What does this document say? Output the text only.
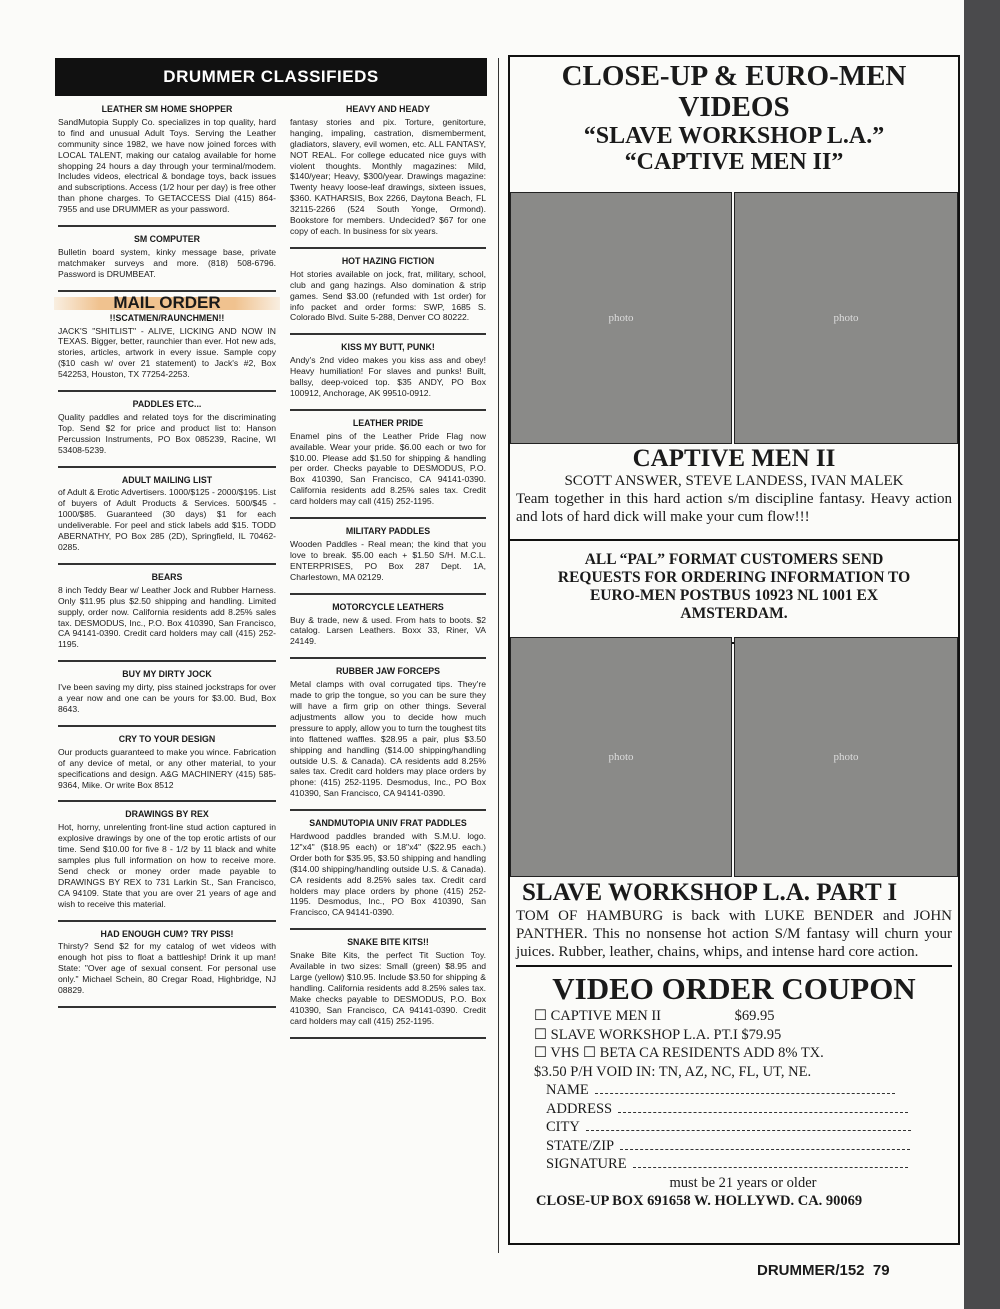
DRUMMER CLASSIFIEDS
LEATHER SM HOME SHOPPER

SandMutopia Supply Co. specializes in top quality, hard to find and unusual Adult Toys. Serving the Leather community since 1982, we have now joined forces with LOCAL TALENT, making our catalog available for home shopping 24 hours a day through your terminal/modem. Includes videos, electrical & bondage toys, back issues and subscriptions. Access (1/2 hour per day) is free other than phone charges. To GETACCESS Dial (415) 864-7955 and use DRUMMER as your password.

SM COMPUTER

Bulletin board system, kinky message base, private matchmaker surveys and more. (818) 508-6796. Password is DRUMBEAT.

MAIL ORDER
!!SCATMEN/RAUNCHMEN!!

JACK'S "SHITLIST" - ALIVE, LICKING AND NOW IN TEXAS. Bigger, better, raunchier than ever. Hot new ads, stories, articles, artwork in every issue. Sample copy ($10 cash w/ over 21 statement) to Jack's #2, Box 542253, Houston, TX 77254-2253.

PADDLES ETC...

Quality paddles and related toys for the discriminating Top. Send $2 for price and product list to: Hanson Percussion Instruments, PO Box 085239, Racine, WI 53408-5239.

ADULT MAILING LIST

of Adult & Erotic Advertisers. 1000/$125 - 2000/$195. List of buyers of Adult Products & Services. 500/$45 - 1000/$85. Guaranteed (30 days) $1 for each undeliverable. For peel and stick labels add $15. TODD ABERNATHY, PO Box 285 (2D), Springfield, IL 70462-0285.

BEARS

8 inch Teddy Bear w/ Leather Jock and Rubber Harness. Only $11.95 plus $2.50 shipping and handling. Limited supply, order now. California residents add 8.25% sales tax. DESMODUS, Inc., P.O. Box 410390, San Francisco, CA 94141-0390. Credit card holders may call (415) 252-1195.

BUY MY DIRTY JOCK

I've been saving my dirty, piss stained jockstraps for over a year now and one can be yours for $3.00. Bud, Box 8643.

CRY TO YOUR DESIGN

Our products guaranteed to make you wince. Fabrication of any device of metal, or any other material, to your specifications and design. A&G MACHINERY (415) 585-9364, Mike. Or write Box 8512

DRAWINGS BY REX

Hot, horny, unrelenting front-line stud action captured in explosive drawings by one of the top erotic artists of our time. Send $10.00 for five 8 - 1/2 by 11 black and white samples plus full information on how to receive more. Send check or money order made payable to DRAWINGS BY REX to 731 Larkin St., San Francisco, CA 94109. State that you are over 21 years of age and wish to receive this material.

HAD ENOUGH CUM? TRY PISS!

Thirsty? Send $2 for my catalog of wet videos with enough hot piss to float a battleship! Drink it up man! State: "Over age of sexual consent. For personal use only." Michael Schein, 80 Cregar Road, Highbridge, NJ 08829.

HEAVY AND HEADY

fantasy stories and pix. Torture, genitorture, hanging, impaling, castration, dismemberment, gladiators, slavery, evil women, etc. ALL FANTASY, NOT REAL. For college educated nice guys with violent thoughts. Monthly magazines: Mild, $140/year; Heavy, $300/year. Drawings magazine: Twenty heavy loose-leaf drawings, sixteen issues, $360. KATHARSIS, Box 2266, Daytona Beach, FL 32115-2266 (524 South Yonge, Ormond). Bookstore for members. Undecided? $67 for one copy of each. In business for six years.

HOT HAZING FICTION

Hot stories available on jock, frat, military, school, club and gang hazings. Also domination & strip games. Send $3.00 (refunded with 1st order) for info packet and order forms: SWP, 1685 S. Colorado Blvd. Suite 5-288, Denver CO 80222.

KISS MY BUTT, PUNK!

Andy's 2nd video makes you kiss ass and obey! Heavy humiliation! For slaves and punks! Built, ballsy, deep-voiced top. $35 ANDY, PO Box 100912, Anchorage, AK 99510-0912.

LEATHER PRIDE

Enamel pins of the Leather Pride Flag now available. Wear your pride. $6.00 each or two for $10.00. Please add $1.50 for shipping & handling per order. Checks payable to DESMODUS, P.O. Box 410390, San Francisco, CA 94141-0390. California residents add 8.25% sales tax. Credit card holders may call (415) 252-1195.

MILITARY PADDLES

Wooden Paddles - Real mean; the kind that you love to break. $5.00 each + $1.50 S/H. M.C.L. ENTERPRISES, PO Box 287 Dept. 1A, Charlestown, MA 02129.

MOTORCYCLE LEATHERS

Buy & trade, new & used. From hats to boots. $2 catalog. Larsen Leathers. Boxx 33, Riner, VA 24149.

RUBBER JAW FORCEPS

Metal clamps with oval corrugated tips. They're made to grip the tongue, so you can be sure they will have a firm grip on other things. Several adjustments allow you to decide how much pressure to apply, allow you to turn the toughest tits into flattened waffles. $28.95 a pair, plus $3.50 shipping and handling ($14.00 shipping/handling outside U.S. & Canada). CA residents add 8.25% sales tax. Credit card holders may place orders by phone: (415) 252-1195. Desmodus, Inc., PO Box 410390, San Francisco, CA 94141-0390.

SANDMUTOPIA UNIV FRAT PADDLES

Hardwood paddles branded with S.M.U. logo. 12"x4" ($18.95 each) or 18"x4" ($22.95 each.) Order both for $35.95, $3.50 shipping and handling ($14.00 shipping/handling outside U.S. & Canada). CA residents add 8.25% sales tax. Credit card holders may place orders by phone (415) 252-1195. Desmodus, Inc., PO Box 410390, San Francisco, CA 94141-0390.

SNAKE BITE KITS!!

Snake Bite Kits, the perfect Tit Suction Toy. Available in two sizes: Small (green) $8.95 and Large (yellow) $10.95. Include $3.50 for shipping & handling. California residents add 8.25% sales tax. Make checks payable to DESMODUS, P.O. Box 410390, San Francisco, CA 94141-0390. Credit card holders may call (415) 252-1195.

CLOSE-UP & EURO-MEN
VIDEOS
“SLAVE WORKSHOP L.A.”
“CAPTIVE MEN II”
photo	photo
CAPTIVE MEN II
SCOTT ANSWER, STEVE LANDESS, IVAN MALEK
Team together in this hard action s/m discipline fantasy. Heavy action and lots of hard dick will make your cum flow!!!
ALL “PAL” FORMAT CUSTOMERS SEND REQUESTS FOR ORDERING INFORMATION TO EURO-MEN POSTBUS 10923 NL 1001 EX AMSTERDAM.
photo	photo
SLAVE WORKSHOP L.A. PART I
TOM OF HAMBURG is back with LUKE BENDER and JOHN PANTHER. This no nonsense hot action S/M fantasy will churn your juices. Rubber, leather, chains, whips, and intense hard core action.
VIDEO ORDER COUPON
☐ CAPTIVE MEN II	$69.95
☐ SLAVE WORKSHOP L.A. PT.I $79.95
☐ VHS ☐ BETA CA RESIDENTS ADD 8% TX.
$3.50 P/H VOID IN: TN, AZ, NC, FL, UT, NE.
NAME
ADDRESS
CITY
STATE/ZIP
SIGNATURE
must be 21 years or older
CLOSE-UP BOX 691658 W. HOLLYWD. CA. 90069
DRUMMER/152 79
